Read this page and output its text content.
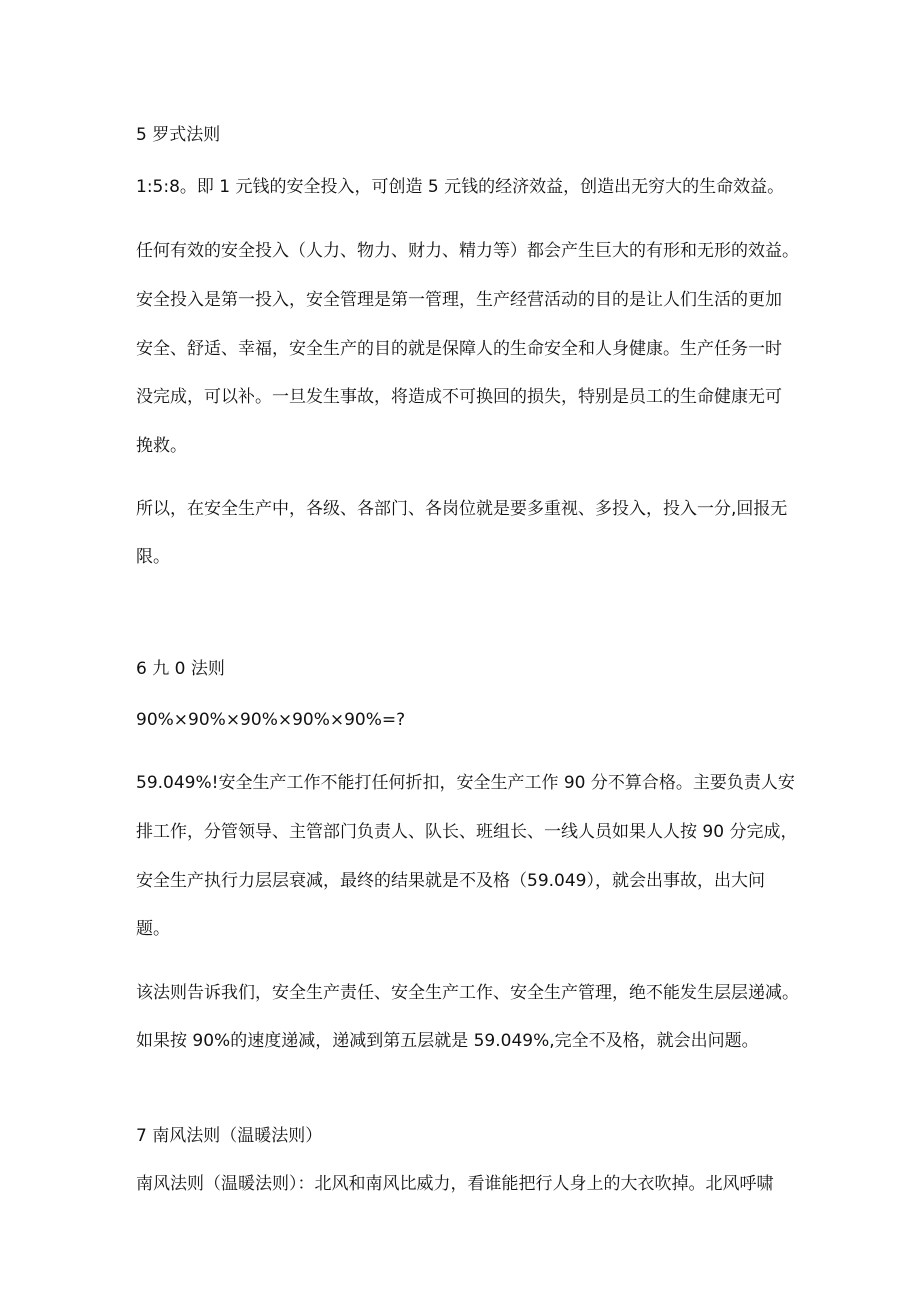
5 罗式法则
1:5:8。即 1 元钱的安全投入，可创造 5 元钱的经济效益，创造出无穷大的生命效益。
任何有效的安全投入（人力、物力、财力、精力等）都会产生巨大的有形和无形的效益。
安全投入是第一投入，安全管理是第一管理，生产经营活动的目的是让人们生活的更加
安全、舒适、幸福，安全生产的目的就是保障人的生命安全和人身健康。生产任务一时
没完成，可以补。一旦发生事故，将造成不可换回的损失，特别是员工的生命健康无可
挽救。
所以，在安全生产中，各级、各部门、各岗位就是要多重视、多投入，投入一分,回报无
限。
6 九 0 法则
90%×90%×90%×90%×90%=?
59.049%!安全生产工作不能打任何折扣，安全生产工作 90 分不算合格。主要负责人安
排工作，分管领导、主管部门负责人、队长、班组长、一线人员如果人人按 90 分完成，
安全生产执行力层层衰减，最终的结果就是不及格（59.049），就会出事故，出大问
题。
该法则告诉我们，安全生产责任、安全生产工作、安全生产管理，绝不能发生层层递减。
如果按 90%的速度递减，递减到第五层就是 59.049%,完全不及格，就会出问题。
7 南风法则（温暖法则）
南风法则（温暖法则）：北风和南风比威力，看谁能把行人身上的大衣吹掉。北风呼啸
